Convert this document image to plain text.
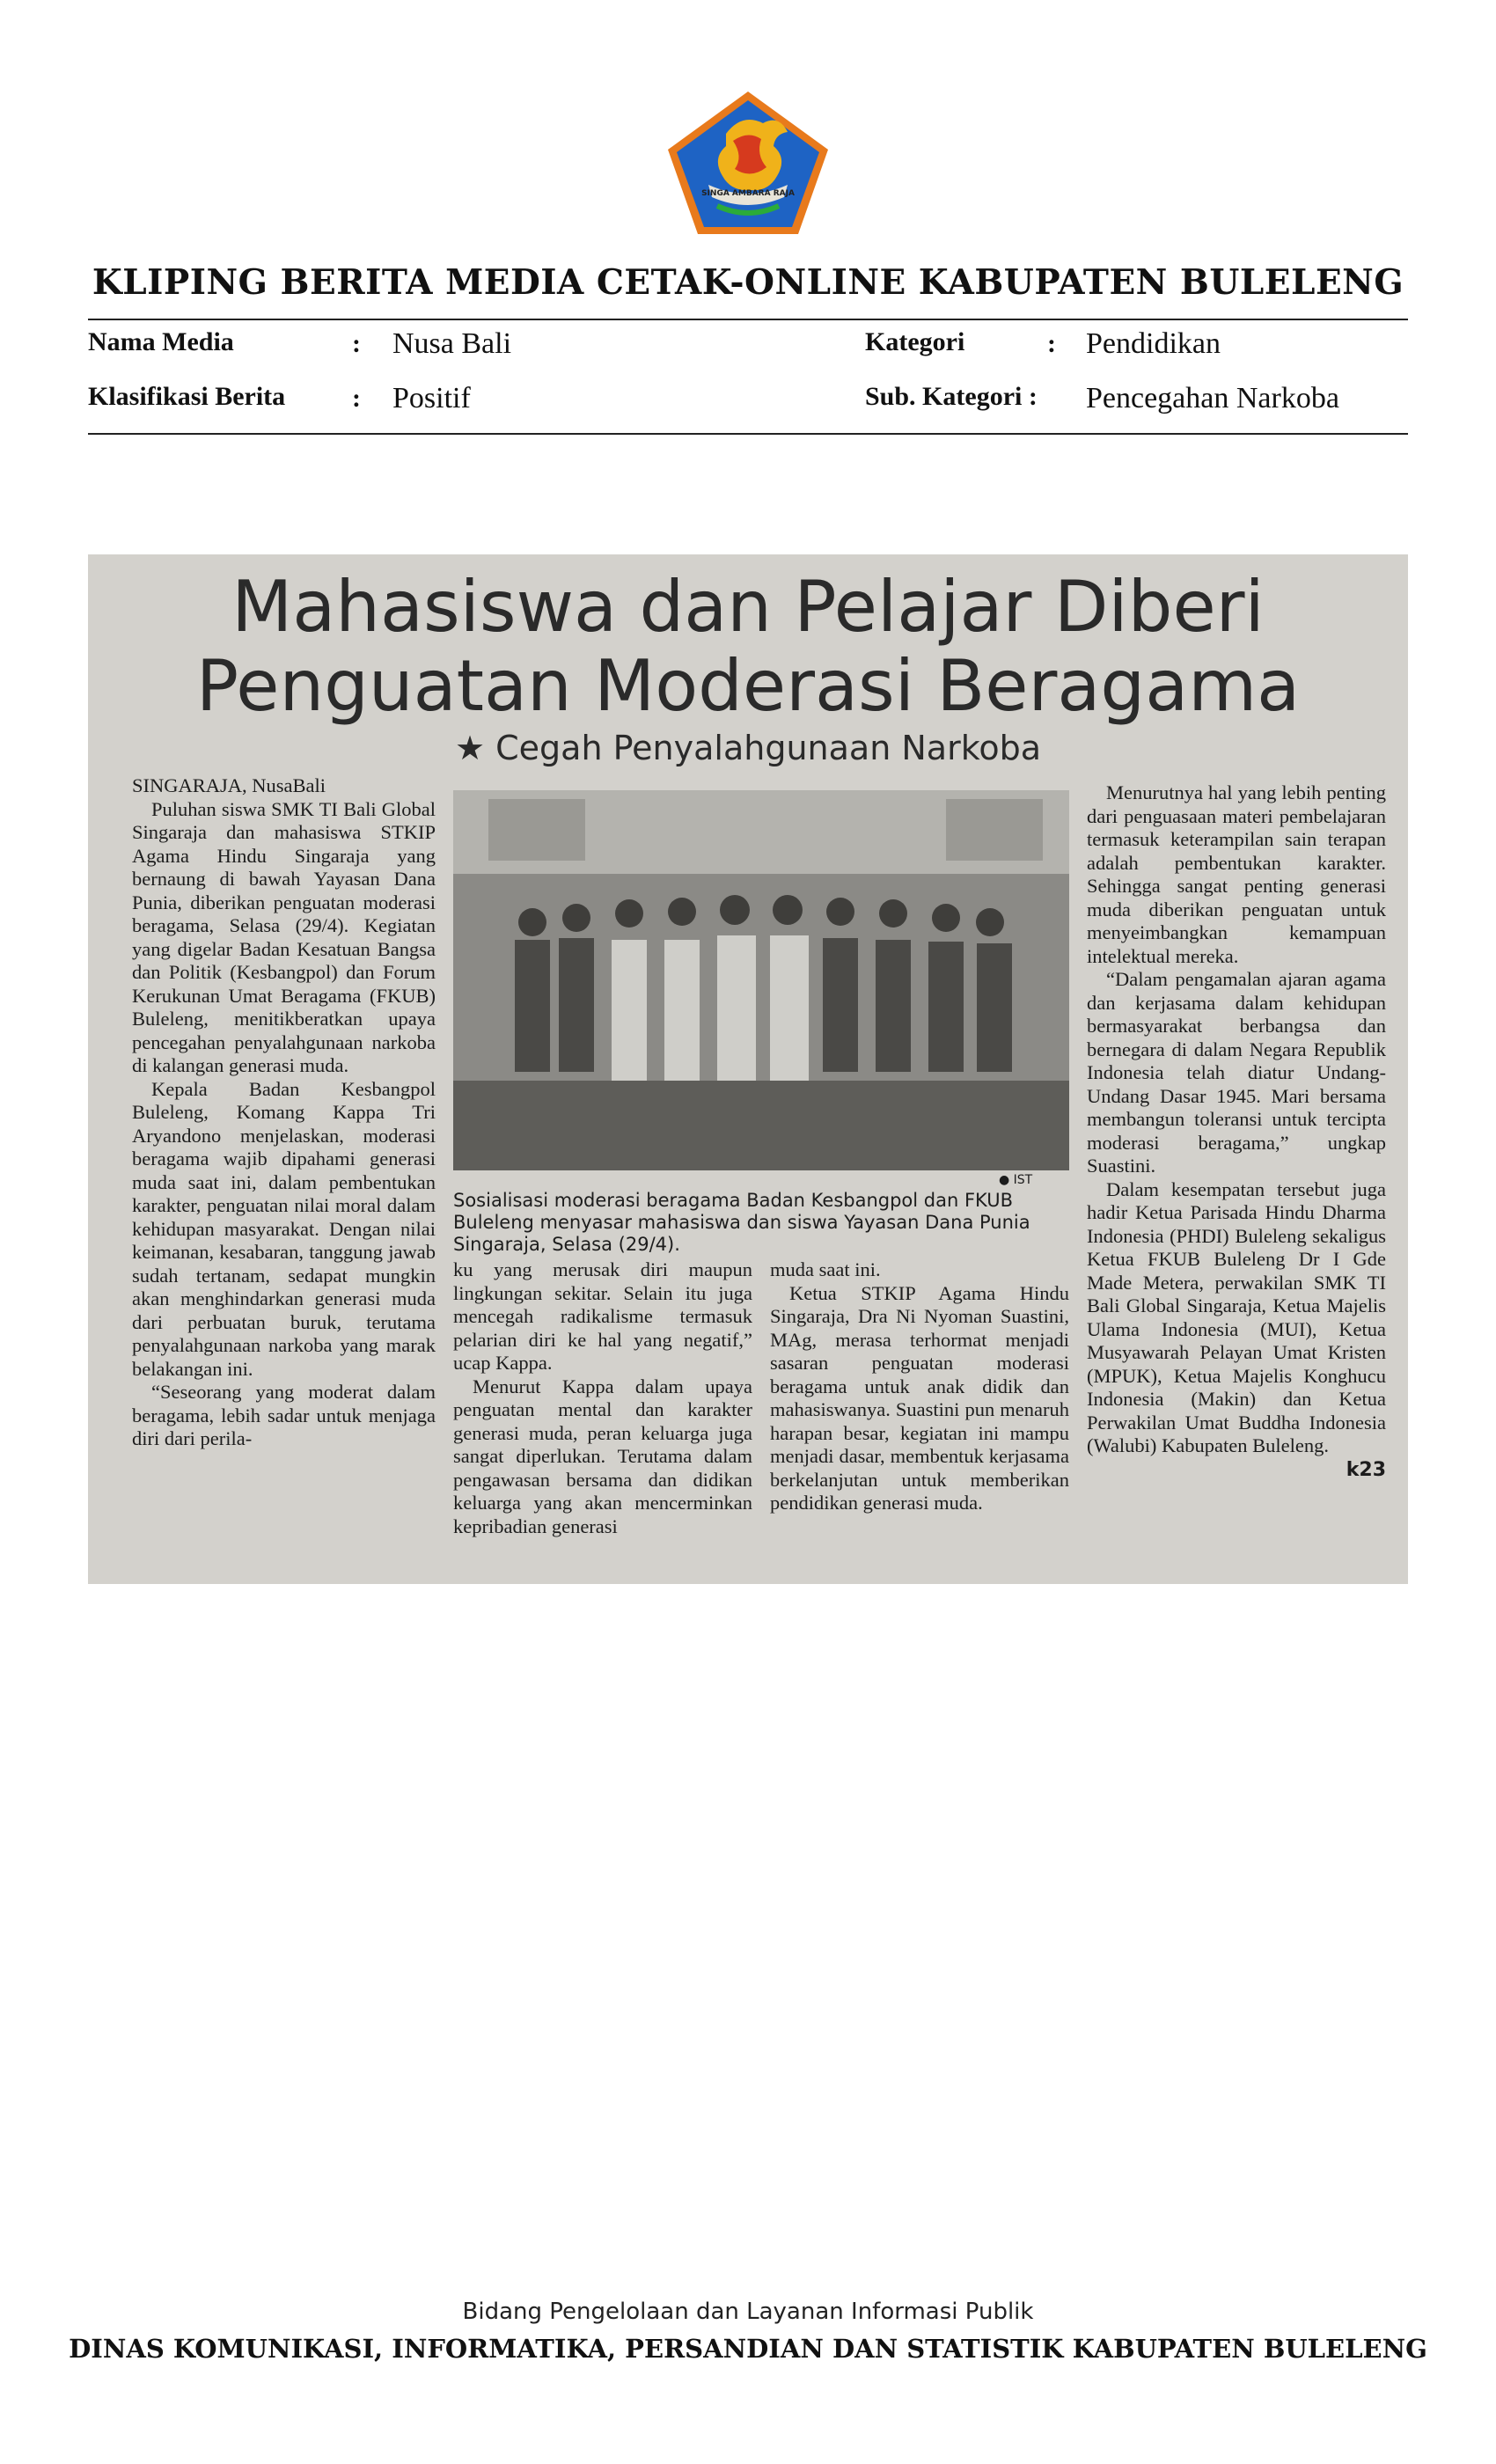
SINGA AMBARA RAJA
KLIPING BERITA MEDIA CETAK-ONLINE KABUPATEN BULELENG
Nama Media	: Nusa Bali	Kategori	: Pendidikan
Klasifikasi Berita	: Positif	Sub. Kategori : Pencegahan Narkoba
Mahasiswa dan Pelajar Diberi
Penguatan Moderasi Beragama
★ Cegah Penyalahgunaan Narkoba

SINGARAJA, NusaBali

Puluhan siswa SMK TI Bali Global Singaraja dan mahasiswa STKIP Agama Hindu Singaraja yang bernaung di bawah Yayasan Dana Punia, diberikan penguatan moderasi beragama, Selasa (29/4). Kegiatan yang digelar Badan Kesatuan Bangsa dan Politik (Kesbangpol) dan Forum Kerukunan Umat Beragama (FKUB) Buleleng, menitikberatkan upaya pencegahan penyalahgunaan narkoba di kalangan generasi muda.

Kepala Badan Kesbangpol Buleleng, Komang Kappa Tri Aryandono menjelaskan, moderasi beragama wajib dipahami generasi muda saat ini, dalam pembentukan karakter, penguatan nilai moral dalam kehidupan masyarakat. Dengan nilai keimanan, kesabaran, tanggung jawab sudah tertanam, sedapat mungkin akan menghindarkan generasi muda dari perbuatan buruk, terutama penyalahgunaan narkoba yang marak belakangan ini.

“Seseorang yang moderat dalam beragama, lebih sadar untuk menjaga diri dari perila-

● IST
Sosialisasi moderasi beragama Badan Kesbangpol dan FKUB Buleleng menyasar mahasiswa dan siswa Yayasan Dana Punia Singaraja, Selasa (29/4).

ku yang merusak diri maupun lingkungan sekitar. Selain itu juga mencegah radikalisme termasuk pelarian diri ke hal yang negatif,” ucap Kappa.

Menurut Kappa dalam upaya penguatan mental dan karakter generasi muda, peran keluarga juga sangat diperlukan. Terutama dalam pengawasan bersama dan didikan keluarga yang akan mencerminkan kepribadian generasi

muda saat ini.

Ketua STKIP Agama Hindu Singaraja, Dra Ni Nyoman Suastini, MAg, merasa terhormat menjadi sasaran penguatan moderasi beragama untuk anak didik dan mahasiswanya. Suastini pun menaruh harapan besar, kegiatan ini mampu menjadi dasar, membentuk kerjasama berkelanjutan untuk memberikan pendidikan generasi muda.

Menurutnya hal yang lebih penting dari penguasaan materi pembelajaran termasuk keterampilan sain terapan adalah pembentukan karakter. Sehingga sangat penting generasi muda diberikan penguatan untuk menyeimbangkan kemampuan intelektual mereka.

“Dalam pengamalan ajaran agama dan kerjasama dalam kehidupan bermasyarakat berbangsa dan bernegara di dalam Negara Republik Indonesia telah diatur Undang-Undang Dasar 1945. Mari bersama membangun toleransi untuk tercipta moderasi beragama,” ungkap Suastini.

Dalam kesempatan tersebut juga hadir Ketua Parisada Hindu Dharma Indonesia (PHDI) Buleleng sekaligus Ketua FKUB Buleleng Dr I Gde Made Metera, perwakilan SMK TI Bali Global Singaraja, Ketua Majelis Ulama Indonesia (MUI), Ketua Musyawarah Pelayan Umat Kristen (MPUK), Ketua Majelis Konghucu Indonesia (Makin) dan Ketua Perwakilan Umat Buddha Indonesia (Walubi) Kabupaten Buleleng.

k23

Bidang Pengelolaan dan Layanan Informasi Publik
DINAS KOMUNIKASI, INFORMATIKA, PERSANDIAN DAN STATISTIK KABUPATEN BULELENG
